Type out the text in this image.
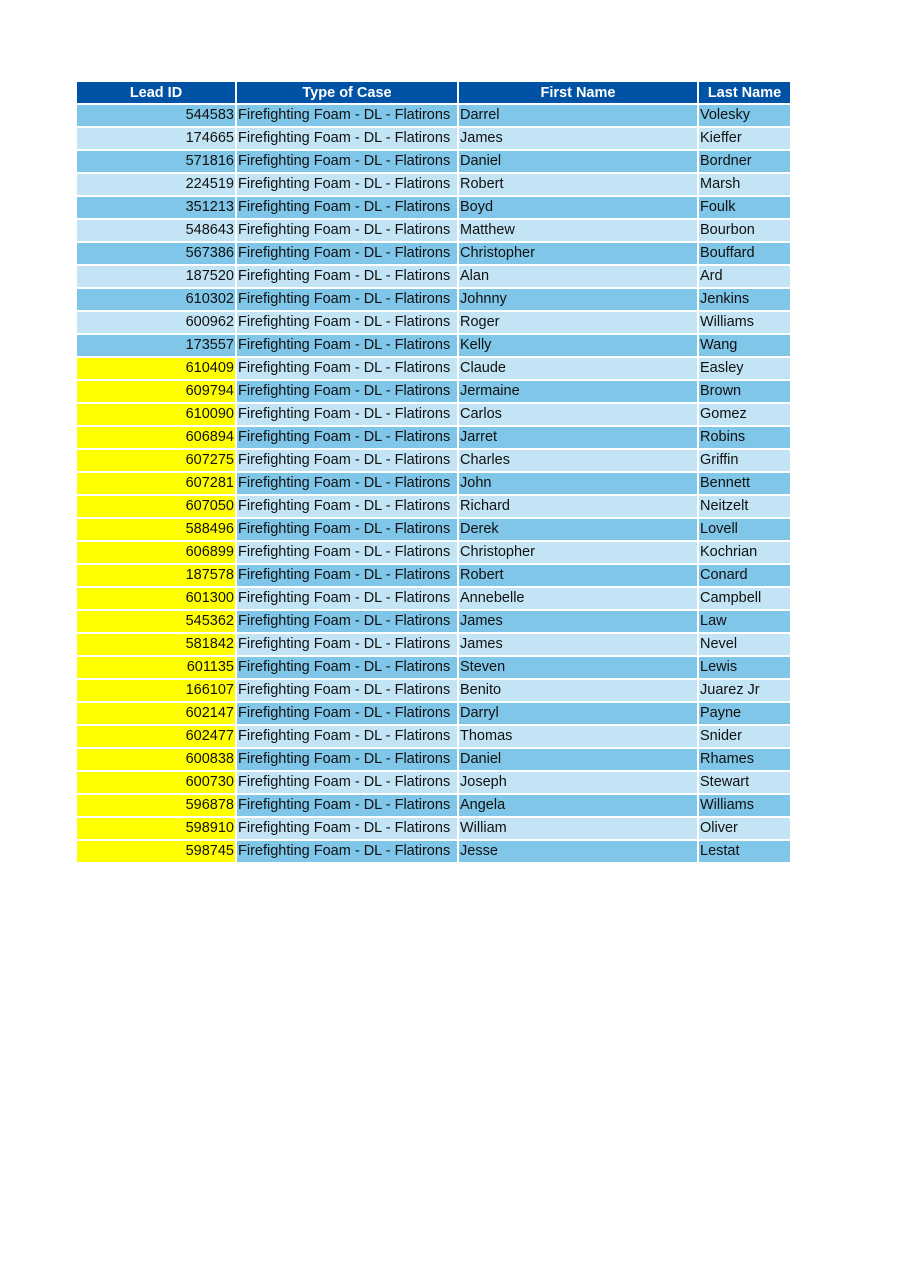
Lead ID	Type of Case	First Name	Last Name
544583	Firefighting Foam - DL - Flatirons	Darrel	Volesky
174665	Firefighting Foam - DL - Flatirons	James	Kieffer
571816	Firefighting Foam - DL - Flatirons	Daniel	Bordner
224519	Firefighting Foam - DL - Flatirons	Robert	Marsh
351213	Firefighting Foam - DL - Flatirons	Boyd	Foulk
548643	Firefighting Foam - DL - Flatirons	Matthew	Bourbon
567386	Firefighting Foam - DL - Flatirons	Christopher	Bouffard
187520	Firefighting Foam - DL - Flatirons	Alan	Ard
610302	Firefighting Foam - DL - Flatirons	Johnny	Jenkins
600962	Firefighting Foam - DL - Flatirons	Roger	Williams
173557	Firefighting Foam - DL - Flatirons	Kelly	Wang
610409	Firefighting Foam - DL - Flatirons	Claude	Easley
609794	Firefighting Foam - DL - Flatirons	Jermaine	Brown
610090	Firefighting Foam - DL - Flatirons	Carlos	Gomez
606894	Firefighting Foam - DL - Flatirons	Jarret	Robins
607275	Firefighting Foam - DL - Flatirons	Charles	Griffin
607281	Firefighting Foam - DL - Flatirons	John	Bennett
607050	Firefighting Foam - DL - Flatirons	Richard	Neitzelt
588496	Firefighting Foam - DL - Flatirons	Derek	Lovell
606899	Firefighting Foam - DL - Flatirons	Christopher	Kochrian
187578	Firefighting Foam - DL - Flatirons	Robert	Conard
601300	Firefighting Foam - DL - Flatirons	Annebelle	Campbell
545362	Firefighting Foam - DL - Flatirons	James	Law
581842	Firefighting Foam - DL - Flatirons	James	Nevel
601135	Firefighting Foam - DL - Flatirons	Steven	Lewis
166107	Firefighting Foam - DL - Flatirons	Benito	Juarez Jr
602147	Firefighting Foam - DL - Flatirons	Darryl	Payne
602477	Firefighting Foam - DL - Flatirons	Thomas	Snider
600838	Firefighting Foam - DL - Flatirons	Daniel	Rhames
600730	Firefighting Foam - DL - Flatirons	Joseph	Stewart
596878	Firefighting Foam - DL - Flatirons	Angela	Williams
598910	Firefighting Foam - DL - Flatirons	William	Oliver
598745	Firefighting Foam - DL - Flatirons	Jesse	Lestat
